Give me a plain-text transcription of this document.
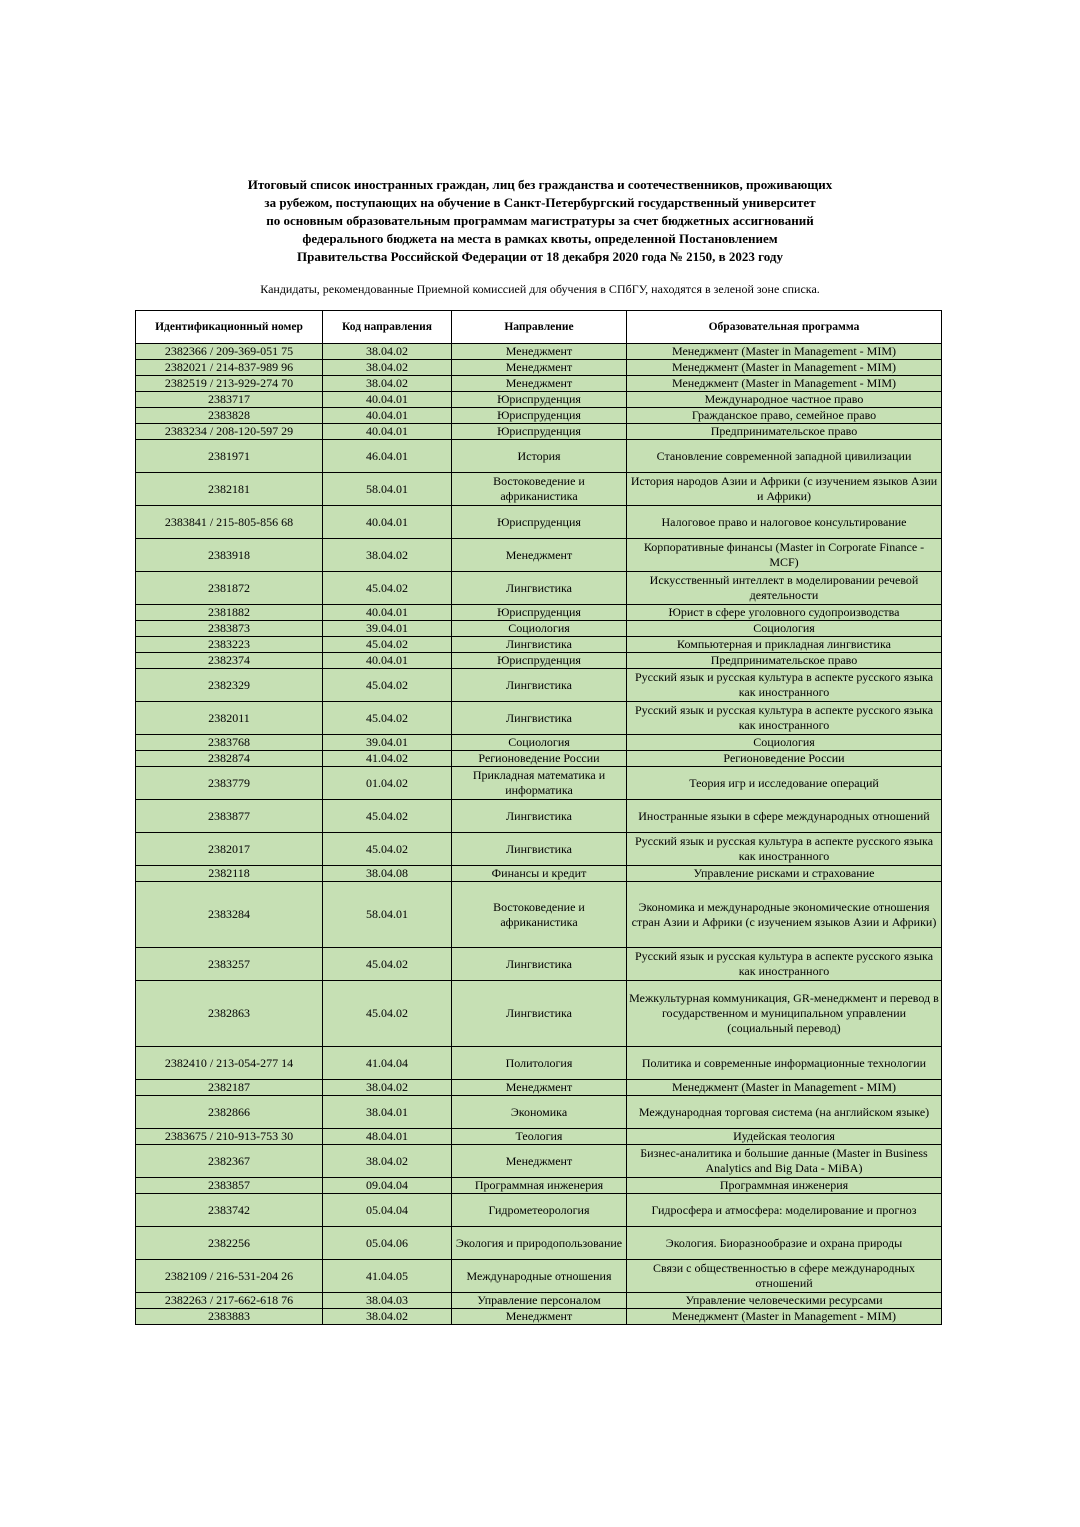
Итоговый список иностранных граждан, лиц без гражданства и соотечественников, проживающих
за рубежом, поступающих на обучение в Санкт-Петербургский государственный университет
по основным образовательным программам магистратуры за счет бюджетных ассигнований
федерального бюджета на места в рамках квоты, определенной Постановлением
Правительства Российской Федерации от 18 декабря 2020 года № 2150, в 2023 году
Кандидаты, рекомендованные Приемной комиссией для обучения в СПбГУ, находятся в зеленой зоне списка.
Идентификационный номер	Код направления	Направление	Образовательная программа
2382366 / 209-369-051 75	38.04.02	Менеджмент	Менеджмент (Master in Management - MIM)
2382021 / 214-837-989 96	38.04.02	Менеджмент	Менеджмент (Master in Management - MIM)
2382519 / 213-929-274 70	38.04.02	Менеджмент	Менеджмент (Master in Management - MIM)
2383717	40.04.01	Юриспруденция	Международное частное право
2383828	40.04.01	Юриспруденция	Гражданское право, семейное право
2383234 / 208-120-597 29	40.04.01	Юриспруденция	Предпринимательское право
2381971	46.04.01	История	Становление современной западной цивилизации
2382181	58.04.01	Востоковедение и африканистика	История народов Азии и Африки (с изучением языков Азии и Африки)
2383841 / 215-805-856 68	40.04.01	Юриспруденция	Налоговое право и налоговое консультирование
2383918	38.04.02	Менеджмент	Корпоративные финансы (Master in Corporate Finance - MCF)
2381872	45.04.02	Лингвистика	Искусственный интеллект в моделировании речевой деятельности
2381882	40.04.01	Юриспруденция	Юрист в сфере уголовного судопроизводства
2383873	39.04.01	Социология	Социология
2383223	45.04.02	Лингвистика	Компьютерная и прикладная лингвистика
2382374	40.04.01	Юриспруденция	Предпринимательское право
2382329	45.04.02	Лингвистика	Русский язык и русская культура в аспекте русского языка как иностранного
2382011	45.04.02	Лингвистика	Русский язык и русская культура в аспекте русского языка как иностранного
2383768	39.04.01	Социология	Социология
2382874	41.04.02	Регионоведение России	Регионоведение России
2383779	01.04.02	Прикладная математика и информатика	Теория игр и исследование операций
2383877	45.04.02	Лингвистика	Иностранные языки в сфере международных отношений
2382017	45.04.02	Лингвистика	Русский язык и русская культура в аспекте русского языка как иностранного
2382118	38.04.08	Финансы и кредит	Управление рисками и страхование
2383284	58.04.01	Востоковедение и африканистика	Экономика и международные экономические отношения стран Азии и Африки (с изучением языков Азии и Африки)
2383257	45.04.02	Лингвистика	Русский язык и русская культура в аспекте русского языка как иностранного
2382863	45.04.02	Лингвистика	Межкультурная коммуникация, GR-менеджмент и перевод в государственном и муниципальном управлении (социальный перевод)
2382410 / 213-054-277 14	41.04.04	Политология	Политика и современные информационные технологии
2382187	38.04.02	Менеджмент	Менеджмент (Master in Management - MIM)
2382866	38.04.01	Экономика	Международная торговая система (на английском языке)
2383675 / 210-913-753 30	48.04.01	Теология	Иудейская теология
2382367	38.04.02	Менеджмент	Бизнес-аналитика и большие данные (Master in Business Analytics and Big Data - MiBA)
2383857	09.04.04	Программная инженерия	Программная инженерия
2383742	05.04.04	Гидрометеорология	Гидросфера и атмосфера: моделирование и прогноз
2382256	05.04.06	Экология и природопользование	Экология. Биоразнообразие и охрана природы
2382109 / 216-531-204 26	41.04.05	Международные отношения	Связи с общественностью в сфере международных отношений
2382263 / 217-662-618 76	38.04.03	Управление персоналом	Управление человеческими ресурсами
2383883	38.04.02	Менеджмент	Менеджмент (Master in Management - MIM)
